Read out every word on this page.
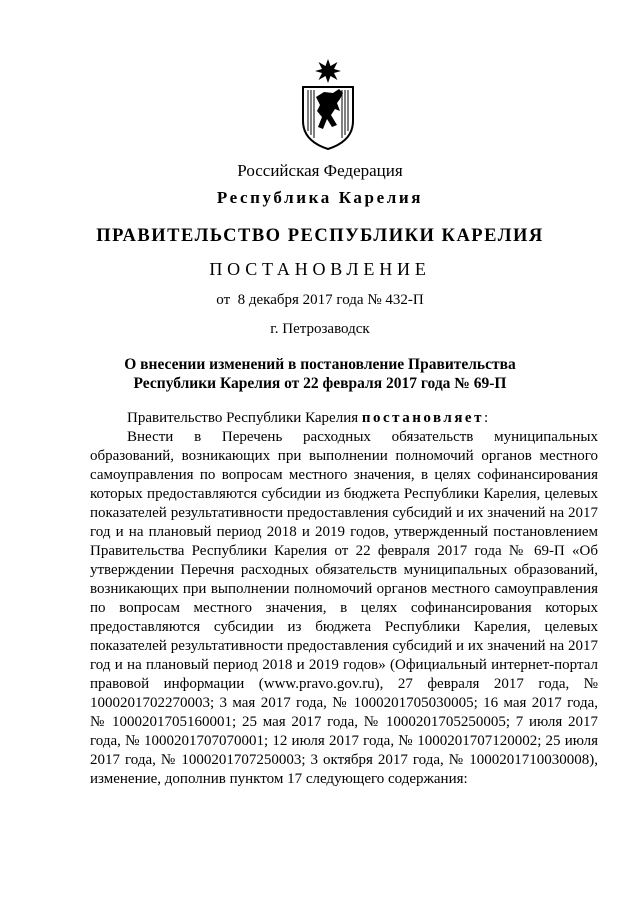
Российская Федерация
Республика Карелия
ПРАВИТЕЛЬСТВО РЕСПУБЛИКИ КАРЕЛИЯ
ПОСТАНОВЛЕНИЕ
от  8 декабря 2017 года № 432-П
г. Петрозаводск
О внесении изменений в постановление Правительства
Республики Карелия от 22 февраля 2017 года № 69-П

Правительство Республики Карелия постановляет:

Внести в Перечень расходных обязательств муниципальных образований, возникающих при выполнении полномочий органов местного самоуправления по вопросам местного значения, в целях софинансирования которых предоставляются субсидии из бюджета Республики Карелия, целевых показателей результативности предоставления субсидий и их значений на 2017 год и на плановый период 2018 и 2019 годов, утвержденный постановлением Правительства Республики Карелия от 22 февраля 2017 года № 69-П «Об утверждении Перечня расходных обязательств муниципальных образований, возникающих при выполнении полномочий органов местного самоуправления по вопросам местного значения, в целях софинансирования которых предоставляются субсидии из бюджета Республики Карелия, целевых показателей результативности предоставления субсидий и их значений на 2017 год и на плановый период 2018 и 2019 годов» (Официальный интернет-портал правовой информации (www.pravo.gov.ru), 27 февраля 2017 года, № 1000201702270003; 3 мая 2017 года, № 1000201705030005; 16 мая 2017 года, № 1000201705160001; 25 мая 2017 года, № 1000201705250005; 7 июля 2017 года, № 1000201707070001; 12 июля 2017 года, № 1000201707120002; 25 июля 2017 года, № 1000201707250003; 3 октября 2017 года, № 1000201710030008), изменение, дополнив пунктом 17 следующего содержания:
